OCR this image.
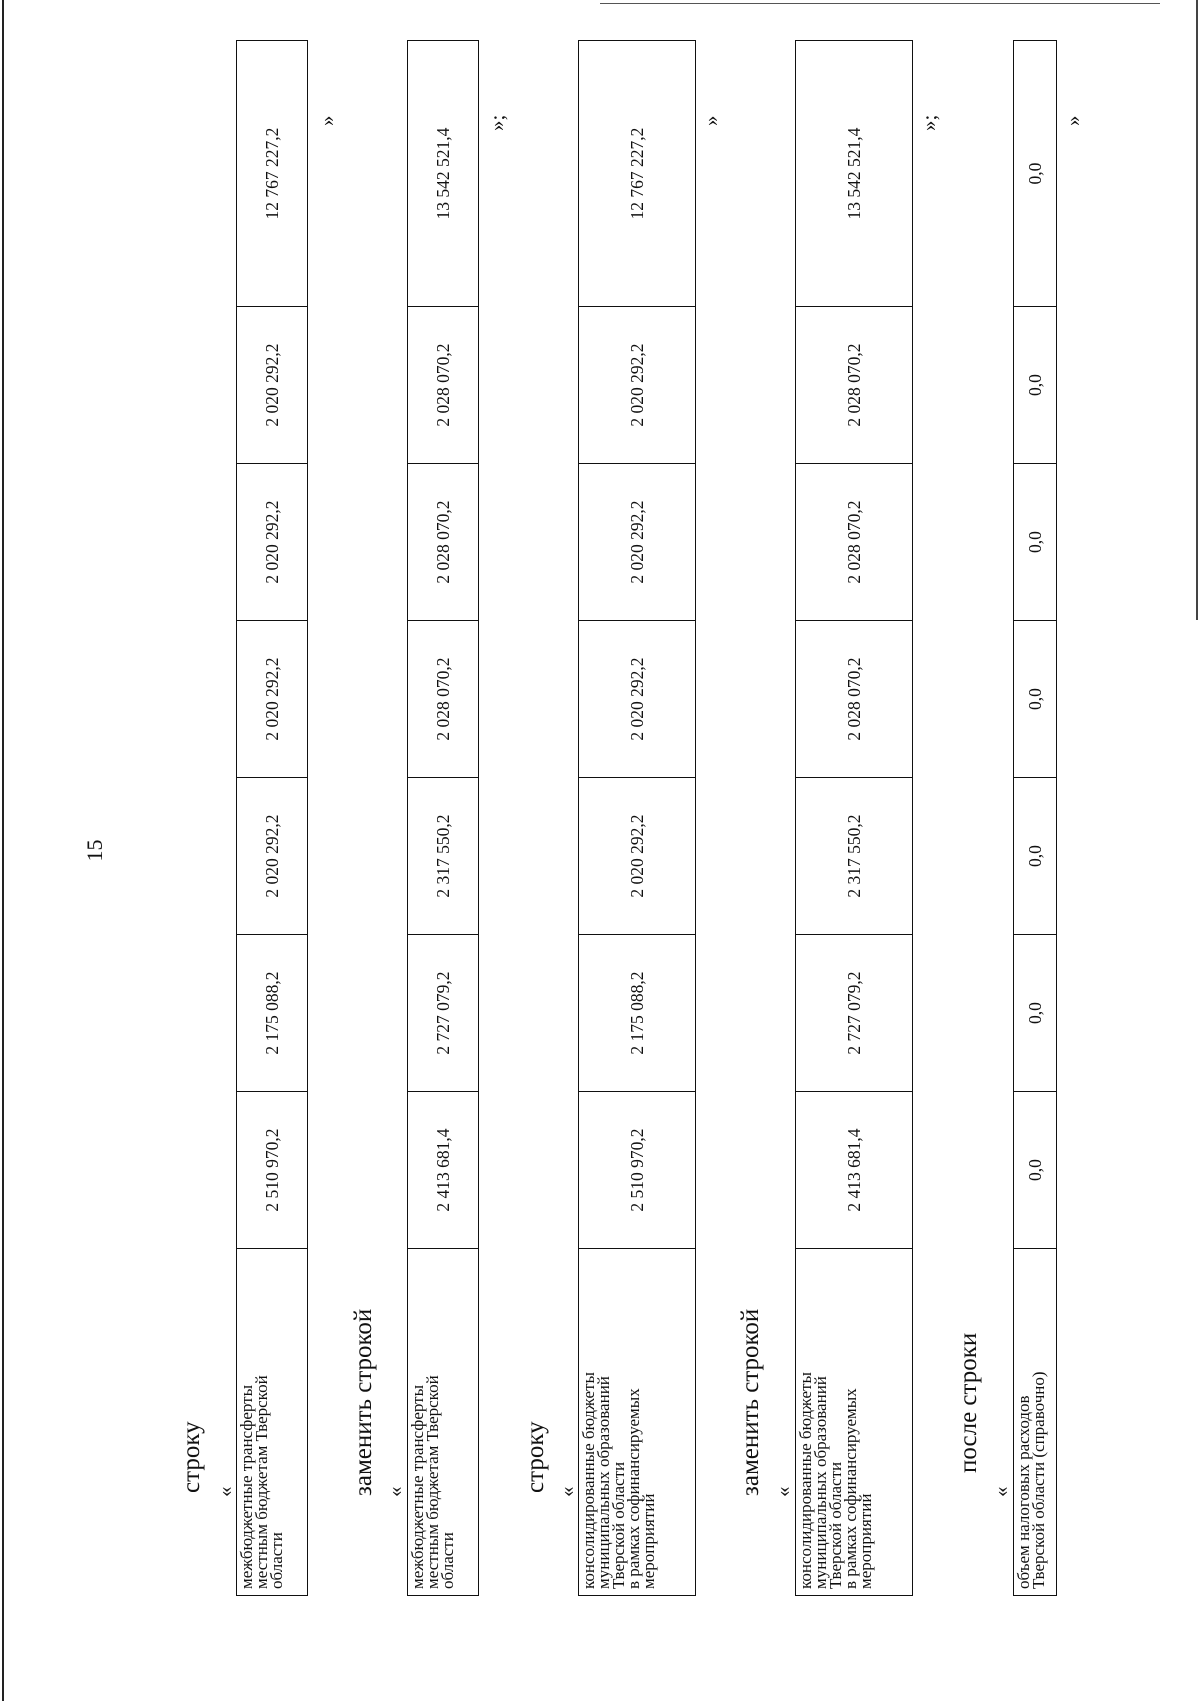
15
строку « межбюджетные трансферты
местным бюджетам Тверской
области
	2 510 970,2	2 175 088,2	2 020 292,2	2 020 292,2	2 020 292,2	2 020 292,2	12 767 227,2
»
заменить строкой « межбюджетные трансферты
местным бюджетам Тверской
области
	2 413 681,4	2 727 079,2	2 317 550,2	2 028 070,2	2 028 070,2	2 028 070,2	13 542 521,4
»;
строку « консолидированные бюджеты
муниципальных образований
Тверской области
в рамках софинансируемых
мероприятий
	2 510 970,2	2 175 088,2	2 020 292,2	2 020 292,2	2 020 292,2	2 020 292,2	12 767 227,2
»
заменить строкой « консолидированные бюджеты
муниципальных образований
Тверской области
в рамках софинансируемых
мероприятий
	2 413 681,4	2 727 079,2	2 317 550,2	2 028 070,2	2 028 070,2	2 028 070,2	13 542 521,4
»;
после строки
« объем налоговых расходов
Тверской области (справочно)
	0,0	0,0	0,0	0,0	0,0	0,0	0,0
»
